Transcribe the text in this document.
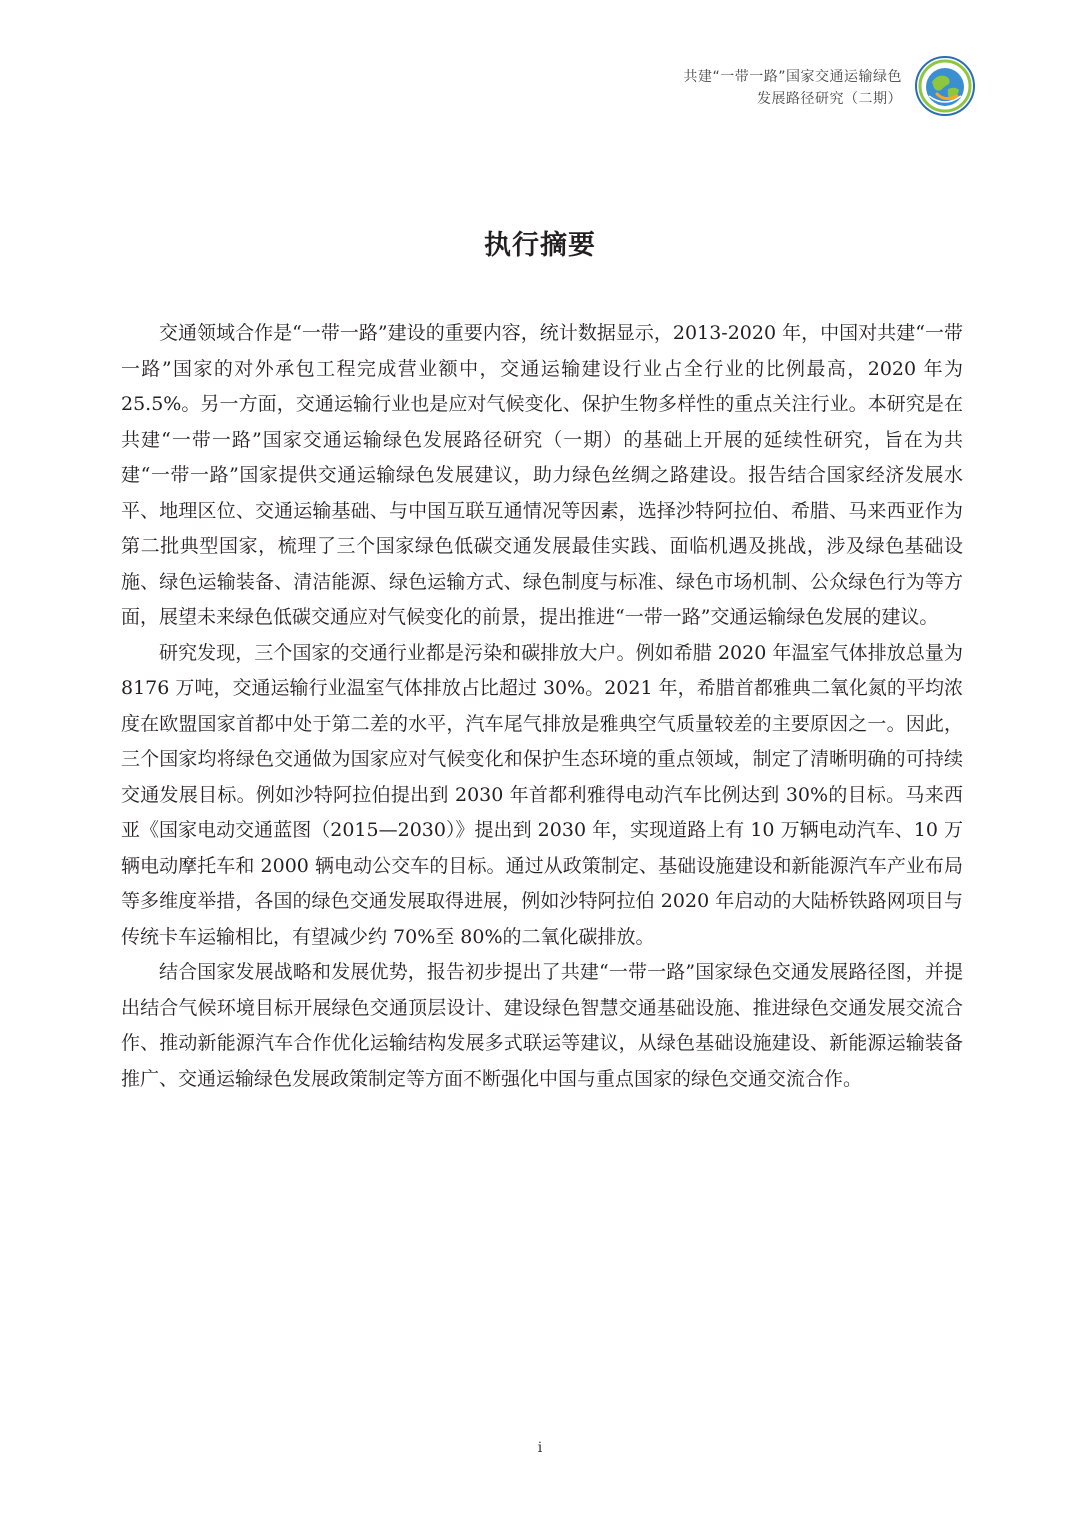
共建“一带一路”国家交通运输绿色
发展路径研究（二期）
执行摘要

交通领域合作是“一带一路”建设的重要内容，统计数据显示，2013-2020 年，中国对共建“一带一路”国家的对外承包工程完成营业额中，交通运输建设行业占全行业的比例最高，2020 年为 25.5%。另一方面，交通运输行业也是应对气候变化、保护生物多样性的重点关注行业。本研究是在共建“一带一路”国家交通运输绿色发展路径研究（一期）的基础上开展的延续性研究，旨在为共建“一带一路”国家提供交通运输绿色发展建议，助力绿色丝绸之路建设。报告结合国家经济发展水平、地理区位、交通运输基础、与中国互联互通情况等因素，选择沙特阿拉伯、希腊、马来西亚作为第二批典型国家，梳理了三个国家绿色低碳交通发展最佳实践、面临机遇及挑战，涉及绿色基础设施、绿色运输装备、清洁能源、绿色运输方式、绿色制度与标准、绿色市场机制、公众绿色行为等方面，展望未来绿色低碳交通应对气候变化的前景，提出推进“一带一路”交通运输绿色发展的建议。

研究发现，三个国家的交通行业都是污染和碳排放大户。例如希腊 2020 年温室气体排放总量为 8176 万吨，交通运输行业温室气体排放占比超过 30%。2021 年，希腊首都雅典二氧化氮的平均浓度在欧盟国家首都中处于第二差的水平，汽车尾气排放是雅典空气质量较差的主要原因之一。因此，三个国家均将绿色交通做为国家应对气候变化和保护生态环境的重点领域，制定了清晰明确的可持续交通发展目标。例如沙特阿拉伯提出到 2030 年首都利雅得电动汽车比例达到 30%的目标。马来西亚《国家电动交通蓝图（2015—2030）》提出到 2030 年，实现道路上有 10 万辆电动汽车、10 万辆电动摩托车和 2000 辆电动公交车的目标。通过从政策制定、基础设施建设和新能源汽车产业布局等多维度举措，各国的绿色交通发展取得进展，例如沙特阿拉伯 2020 年启动的大陆桥铁路网项目与传统卡车运输相比，有望减少约 70%至 80%的二氧化碳排放。

结合国家发展战略和发展优势，报告初步提出了共建“一带一路”国家绿色交通发展路径图，并提出结合气候环境目标开展绿色交通顶层设计、建设绿色智慧交通基础设施、推进绿色交通发展交流合作、推动新能源汽车合作优化运输结构发展多式联运等建议，从绿色基础设施建设、新能源运输装备推广、交通运输绿色发展政策制定等方面不断强化中国与重点国家的绿色交通交流合作。

i
